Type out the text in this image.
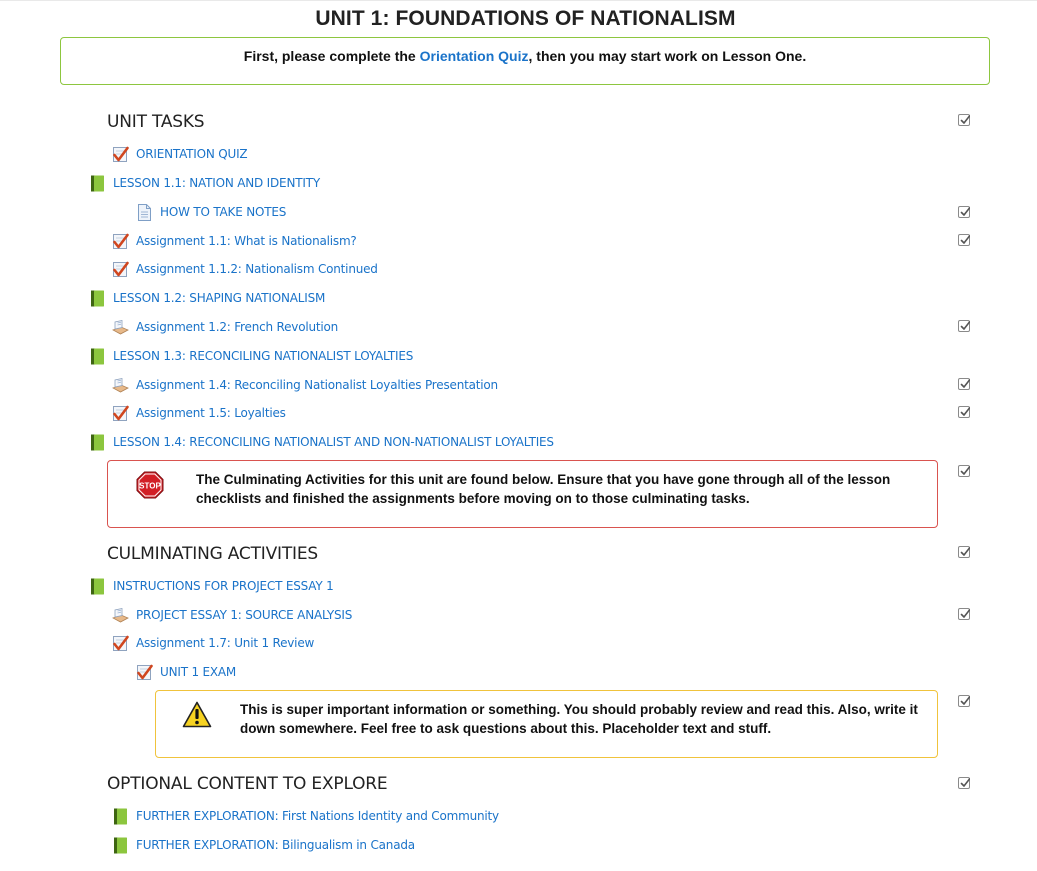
UNIT 1: FOUNDATIONS OF NATIONALISM
First, please complete the Orientation Quiz, then you may start work on Lesson One.
UNIT TASKS
ORIENTATION QUIZ
LESSON 1.1: NATION AND IDENTITY
HOW TO TAKE NOTES
Assignment 1.1: What is Nationalism?
Assignment 1.1.2: Nationalism Continued
LESSON 1.2: SHAPING NATIONALISM
Assignment 1.2: French Revolution
LESSON 1.3: RECONCILING NATIONALIST LOYALTIES
Assignment 1.4: Reconciling Nationalist Loyalties Presentation
Assignment 1.5: Loyalties
LESSON 1.4: RECONCILING NATIONALIST AND NON-NATIONALIST LOYALTIES
STOP	The Culminating Activities for this unit are found below. Ensure that you have gone through all of the lesson checklists and finished the assignments before moving on to those culminating tasks.
CULMINATING ACTIVITIES
INSTRUCTIONS FOR PROJECT ESSAY 1
PROJECT ESSAY 1: SOURCE ANALYSIS
Assignment 1.7: Unit 1 Review
UNIT 1 EXAM
This is super important information or something. You should probably review and read this. Also, write it down somewhere. Feel free to ask questions about this. Placeholder text and stuff.
OPTIONAL CONTENT TO EXPLORE
FURTHER EXPLORATION: First Nations Identity and Community
FURTHER EXPLORATION: Bilingualism in Canada
